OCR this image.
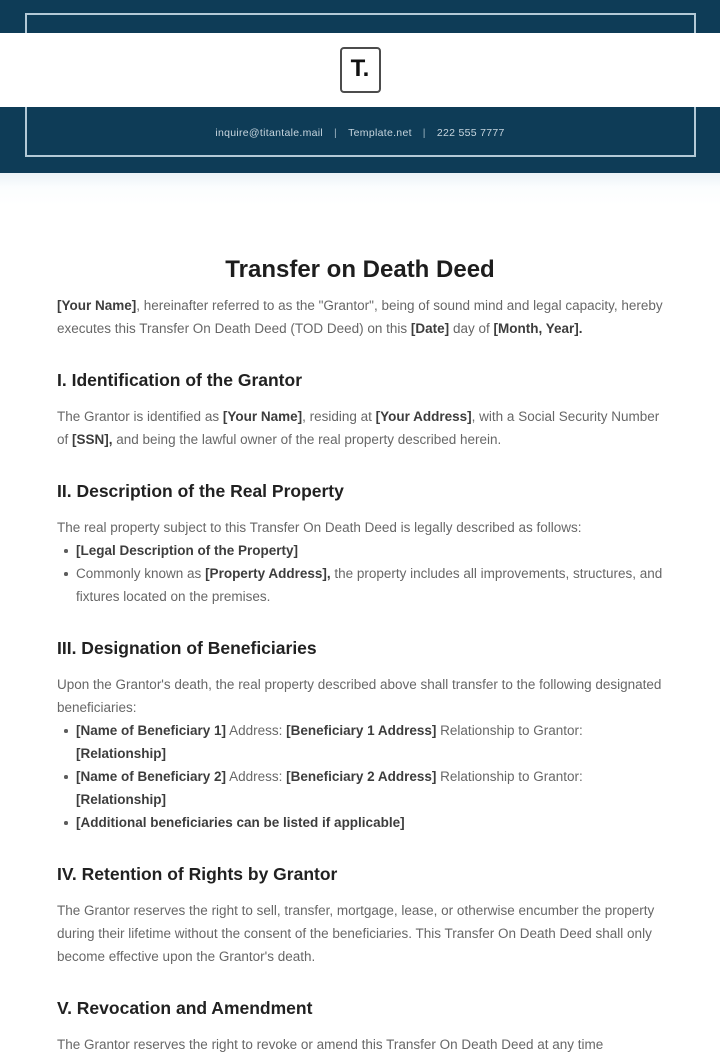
T.
inquire@titantale.mail | Template.net | 222 555 7777
Transfer on Death Deed

[Your Name], hereinafter referred to as the "Grantor", being of sound mind and legal capacity, hereby executes this Transfer On Death Deed (TOD Deed) on this [Date] day of [Month, Year].

I. Identification of the Grantor

The Grantor is identified as [Your Name], residing at [Your Address], with a Social Security Number of [SSN], and being the lawful owner of the real property described herein.

II. Description of the Real Property

The real property subject to this Transfer On Death Deed is legally described as follows:

[Legal Description of the Property]
Commonly known as [Property Address], the property includes all improvements, structures, and fixtures located on the premises.
III. Designation of Beneficiaries

Upon the Grantor's death, the real property described above shall transfer to the following designated beneficiaries:

[Name of Beneficiary 1] Address: [Beneficiary 1 Address] Relationship to Grantor: [Relationship]
[Name of Beneficiary 2] Address: [Beneficiary 2 Address] Relationship to Grantor: [Relationship]
[Additional beneficiaries can be listed if applicable]
IV. Retention of Rights by Grantor

The Grantor reserves the right to sell, transfer, mortgage, lease, or otherwise encumber the property during their lifetime without the consent of the beneficiaries. This Transfer On Death Deed shall only become effective upon the Grantor's death.

V. Revocation and Amendment

The Grantor reserves the right to revoke or amend this Transfer On Death Deed at any time
